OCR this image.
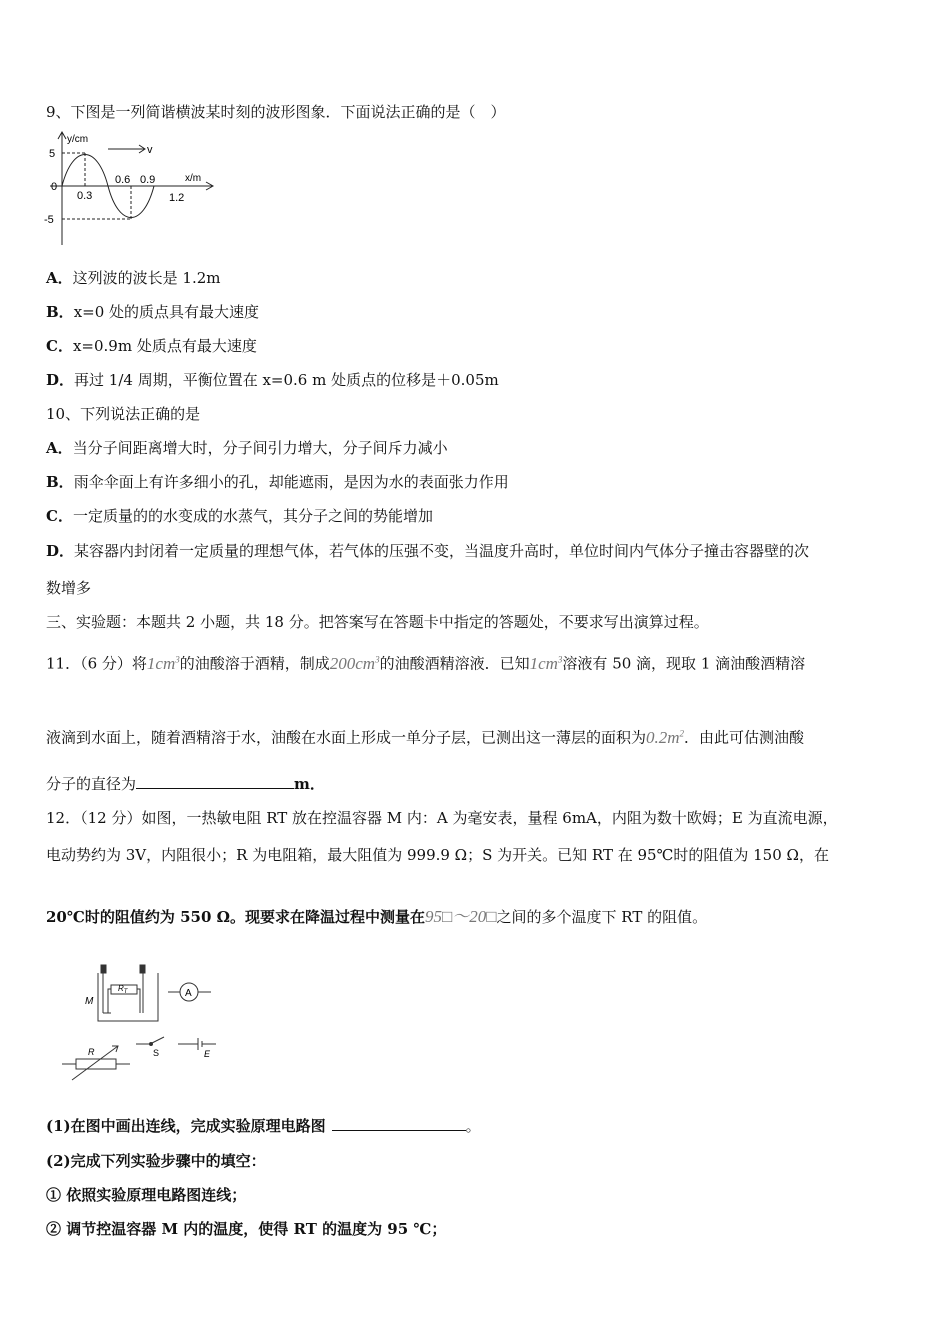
9、下图是一列简谐横波某时刻的波形图象．下面说法正确的是（　）
y/cm
v
x/m
5
0
-5
0.3
0.6 0.9
1.2
A．这列波的波长是 1.2m
B．x=0 处的质点具有最大速度
C．x=0.9m 处质点有最大速度
D．再过 1/4 周期，平衡位置在 x=0.6 m 处质点的位移是＋0.05m
10、下列说法正确的是
A．当分子间距离增大时，分子间引力增大，分子间斥力减小
B．雨伞伞面上有许多细小的孔，却能遮雨，是因为水的表面张力作用
C．一定质量的的水变成的水蒸气，其分子之间的势能增加
D．某容器内封闭着一定质量的理想气体，若气体的压强不变，当温度升高时，单位时间内气体分子撞击容器壁的次
数增多
三、实验题：本题共 2 小题，共 18 分。把答案写在答题卡中指定的答题处，不要求写出演算过程。
11．（6 分）将$1cm^3$的油酸溶于酒精，制成$200cm^3$的油酸酒精溶液．已知$1cm^3$溶液有 50 滴，现取 1 滴油酸酒精溶
液滴到水面上，随着酒精溶于水，油酸在水面上形成一单分子层，已测出这一薄层的面积为$0.2m^2$．由此可估测油酸
分子的直径为	m．
12．（12 分）如图，一热敏电阻 RT 放在控温容器 M 内：A 为毫安表，量程 6mA，内阻为数十欧姆；E 为直流电源，
电动势约为 3V，内阻很小；R 为电阻箱，最大阻值为 999.9 Ω；S 为开关。已知 RT 在 95℃时的阻值为 150 Ω，在
20℃时的阻值约为 550 Ω。现要求在降温过程中测量在95□～20□之间的多个温度下 RT 的阻值。
M
$R_T$	A
S	E
R
(1)在图中画出连线，完成实验原理电路图	。
(2)完成下列实验步骤中的填空：
① 依照实验原理电路图连线；
② 调节控温容器 M 内的温度，使得 RT 的温度为 95 ℃；
